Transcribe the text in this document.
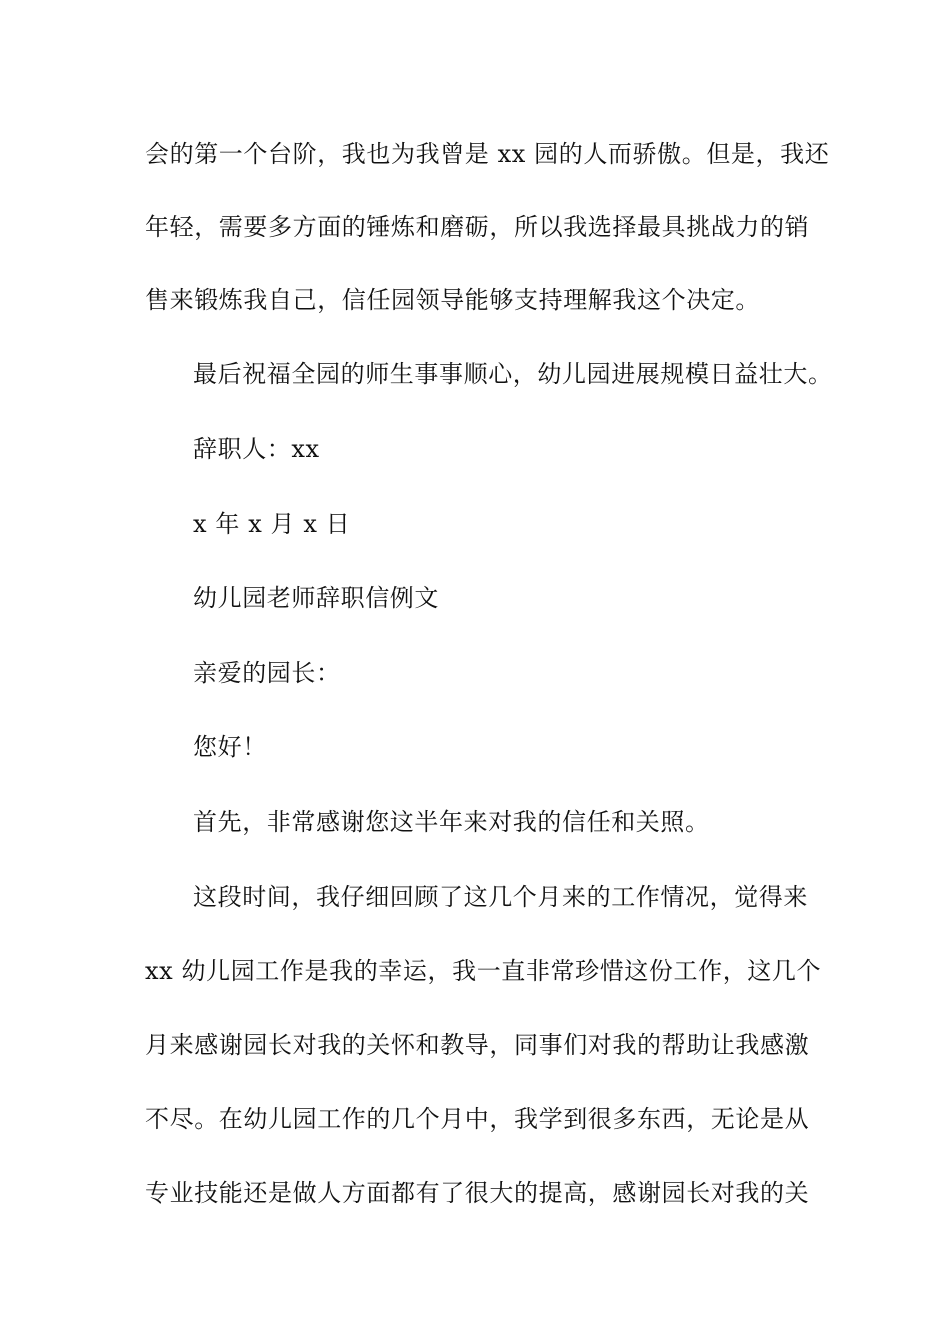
会的第一个台阶，我也为我曾是 xx 园的人而骄傲。但是，我还
年轻，需要多方面的锤炼和磨砺，所以我选择最具挑战力的销
售来锻炼我自己，信任园领导能够支持理解我这个决定。
最后祝福全园的师生事事顺心，幼儿园进展规模日益壮大。
辞职人：xx
x 年 x 月 x 日
幼儿园老师辞职信例文
亲爱的园长：
您好！
首先，非常感谢您这半年来对我的信任和关照。
这段时间，我仔细回顾了这几个月来的工作情况，觉得来
xx 幼儿园工作是我的幸运，我一直非常珍惜这份工作，这几个
月来感谢园长对我的关怀和教导，同事们对我的帮助让我感激
不尽。在幼儿园工作的几个月中，我学到很多东西，无论是从
专业技能还是做人方面都有了很大的提高，感谢园长对我的关
